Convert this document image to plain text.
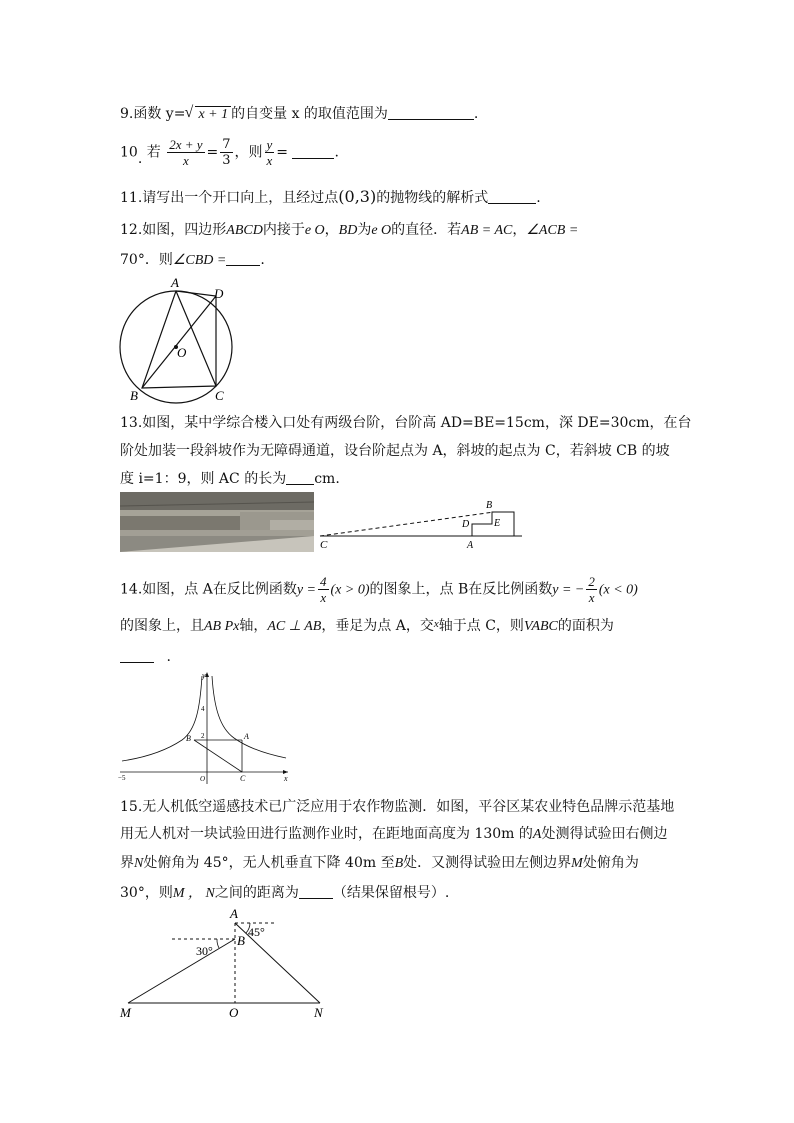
9.函数 y=√ x + 1 的自变量 x 的取值范围为	.
10. 若 $\frac{2x + y}{x} = \frac{7}{3}$ ，则 $\frac{y}{x}$ =	.
11.请写出一个开口向上，且经过点(0,3)的抛物线的解析式	.
12.如图，四边形ABCD内接于e O，BD为e O的直径．若AB = AC，∠ACB =
70°．则∠CBD = .
A
D
O
B	C
13.如图，某中学综合楼入口处有两级台阶，台阶高 AD=BE=15cm，深 DE=30cm，在台
阶处加装一段斜坡作为无障碍通道，设台阶起点为 A，斜坡的起点为 C，若斜坡 CB 的坡
度 i=1：9，则 AC 的长为 cm.
C	A
D
B
E
14.如图，点 A在反比例函数$y = \frac{4}{x} (x > 0)$的图象上，点 B在反比例函数y = − $\frac{2}{x} (x < 0)$
的图象上，且AB Px轴，AC ⊥ AB，垂足为点 A，交$^x$轴于点 C，则VABC的面积为
.
y
x
4
2
−5	O
A
B
C
15.无人机低空遥感技术已广泛应用于农作物监测．如图，平谷区某农业特色品牌示范基地
用无人机对一块试验田进行监测作业时，在距地面高度为 130m 的A处测得试验田右侧边
界N处俯角为 45°，无人机垂直下降 40m 至B处．又测得试验田左侧边界M处俯角为
30°，则M ， N之间的距离为 （结果保留根号）.
A
B
45°
30°
M	O	N
